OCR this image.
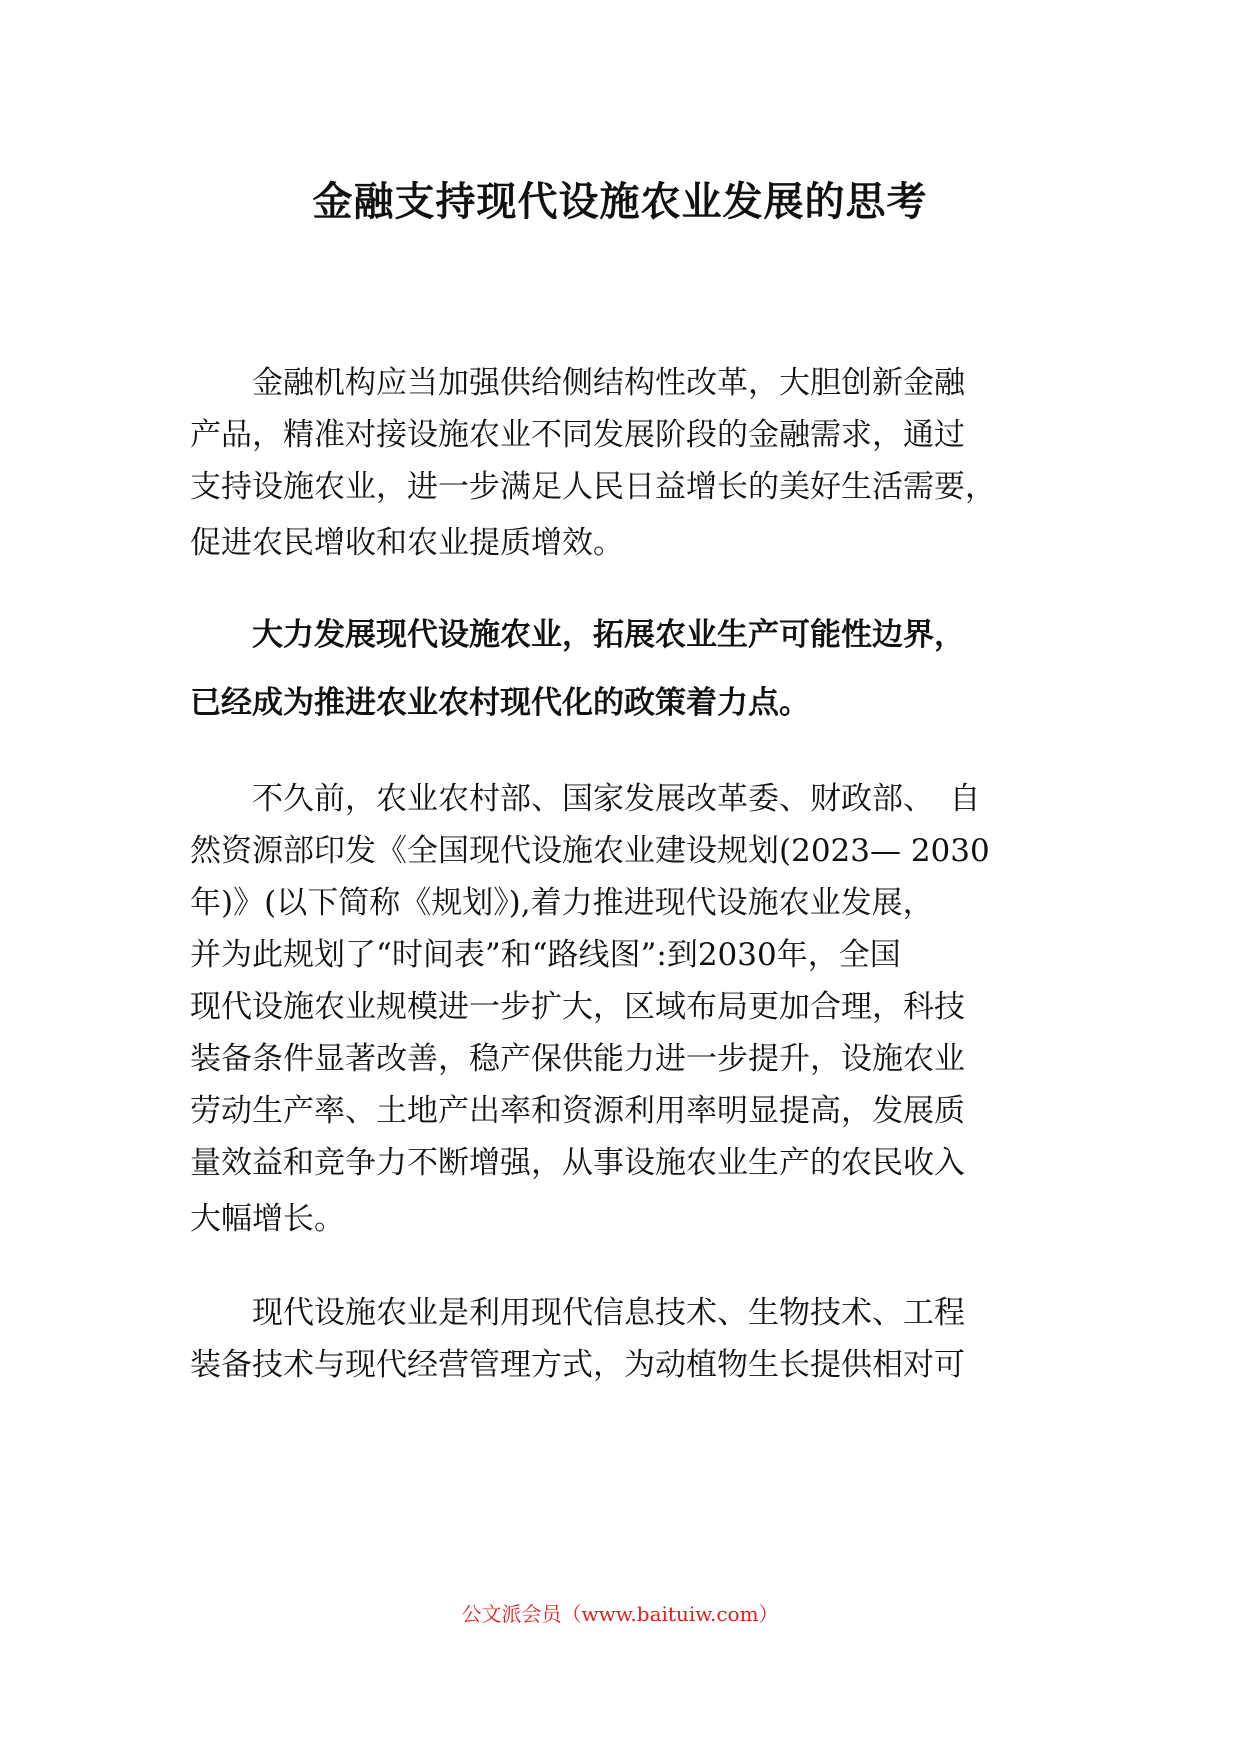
金融支持现代设施农业发展的思考
金融机构应当加强供给侧结构性改革，大胆创新金融
产品，精准对接设施农业不同发展阶段的金融需求，通过
支持设施农业，进一步满足人民日益增长的美好生活需要，
促进农民增收和农业提质增效。
大力发展现代设施农业，拓展农业生产可能性边界，
已经成为推进农业农村现代化的政策着力点。
不久前，农业农村部、国家发展改革委、财政部、　自
然资源部印发《全国现代设施农业建设规划(2023— 2030
年)》(以下简称《规划》),着力推进现代设施农业发展，
并为此规划了“时间表”和“路线图”:到2030年，全国
现代设施农业规模进一步扩大，区域布局更加合理，科技
装备条件显著改善，稳产保供能力进一步提升，设施农业
劳动生产率、土地产出率和资源利用率明显提高，发展质
量效益和竞争力不断增强，从事设施农业生产的农民收入
大幅增长。
现代设施农业是利用现代信息技术、生物技术、工程
装备技术与现代经营管理方式，为动植物生长提供相对可
公文派会员（www.baituiw.com）
